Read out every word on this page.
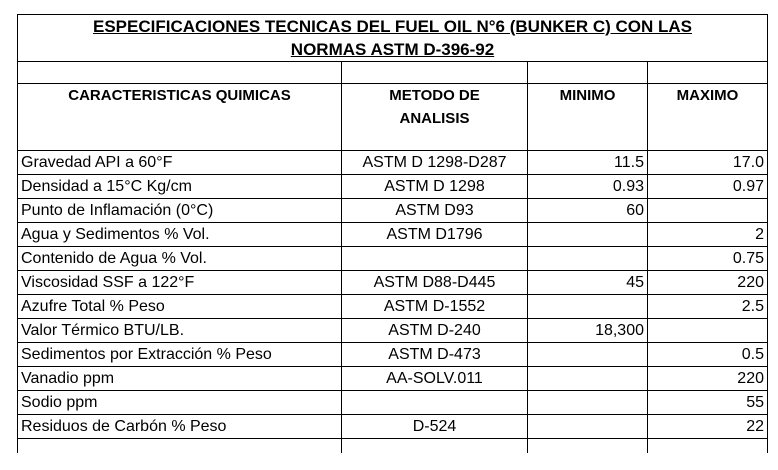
ESPECIFICACIONES TECNICAS DEL FUEL OIL N°6 (BUNKER C) CON LAS			
NORMAS ASTM D-396-92			

CARACTERISTICAS QUIMICAS	METODO DE	MINIMO	MAXIMO
	ANALISIS		

Gravedad API a 60°F	ASTM D 1298-D287	11.5	17.0
Densidad a 15°C Kg/cm	ASTM D 1298	0.93	0.97
Punto de Inflamación (0°C)	ASTM D93	60	
Agua y Sedimentos % Vol.	ASTM D1796		2
Contenido de Agua % Vol.			0.75
Viscosidad SSF a 122°F	ASTM D88-D445	45	220
Azufre Total % Peso	ASTM D-1552		2.5
Valor Térmico BTU/LB.	ASTM D-240	18,300	
Sedimentos por Extracción % Peso	ASTM D-473		0.5
Vanadio ppm	AA-SOLV.011		220
Sodio ppm			55
Residuos de Carbón % Peso	D-524		22
